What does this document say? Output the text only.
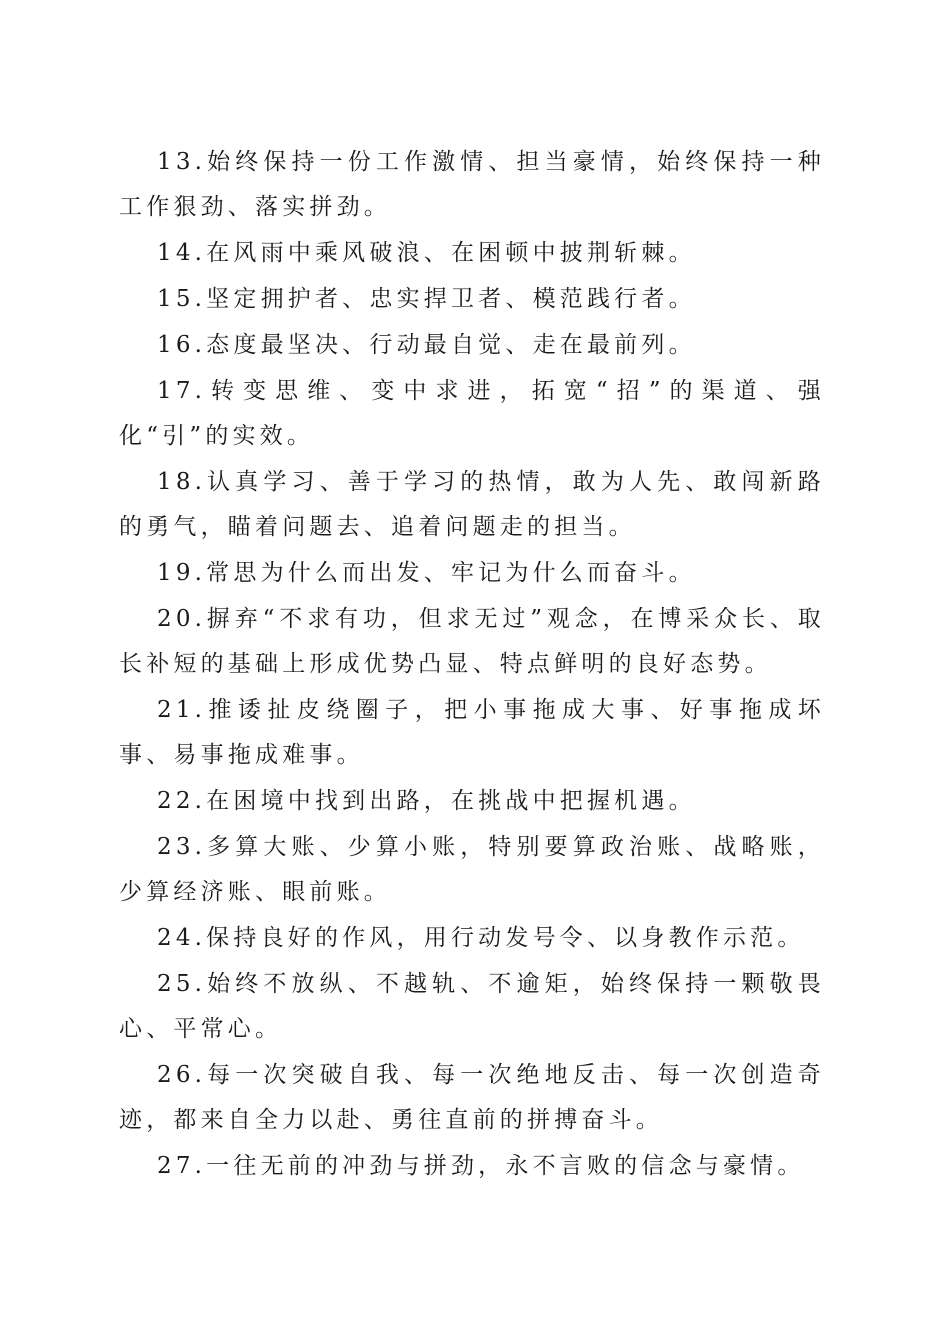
13.始终保持一份工作激情、担当豪情，始终保持一种工作狠劲、落实拼劲。

14.在风雨中乘风破浪、在困顿中披荆斩棘。

15.坚定拥护者、忠实捍卫者、模范践行者。

16.态度最坚决、行动最自觉、走在最前列。

17.转变思维、变中求进，拓宽“招”的渠道、强化“引”的实效。

18.认真学习、善于学习的热情，敢为人先、敢闯新路的勇气，瞄着问题去、追着问题走的担当。

19.常思为什么而出发、牢记为什么而奋斗。

20.摒弃“不求有功，但求无过”观念，在博采众长、取长补短的基础上形成优势凸显、特点鲜明的良好态势。

21.推诿扯皮绕圈子，把小事拖成大事、好事拖成坏事、易事拖成难事。

22.在困境中找到出路，在挑战中把握机遇。

23.多算大账、少算小账，特别要算政治账、战略账，少算经济账、眼前账。

24.保持良好的作风，用行动发号令、以身教作示范。

25.始终不放纵、不越轨、不逾矩，始终保持一颗敬畏心、平常心。

26.每一次突破自我、每一次绝地反击、每一次创造奇迹，都来自全力以赴、勇往直前的拼搏奋斗。

27.一往无前的冲劲与拼劲，永不言败的信念与豪情。
